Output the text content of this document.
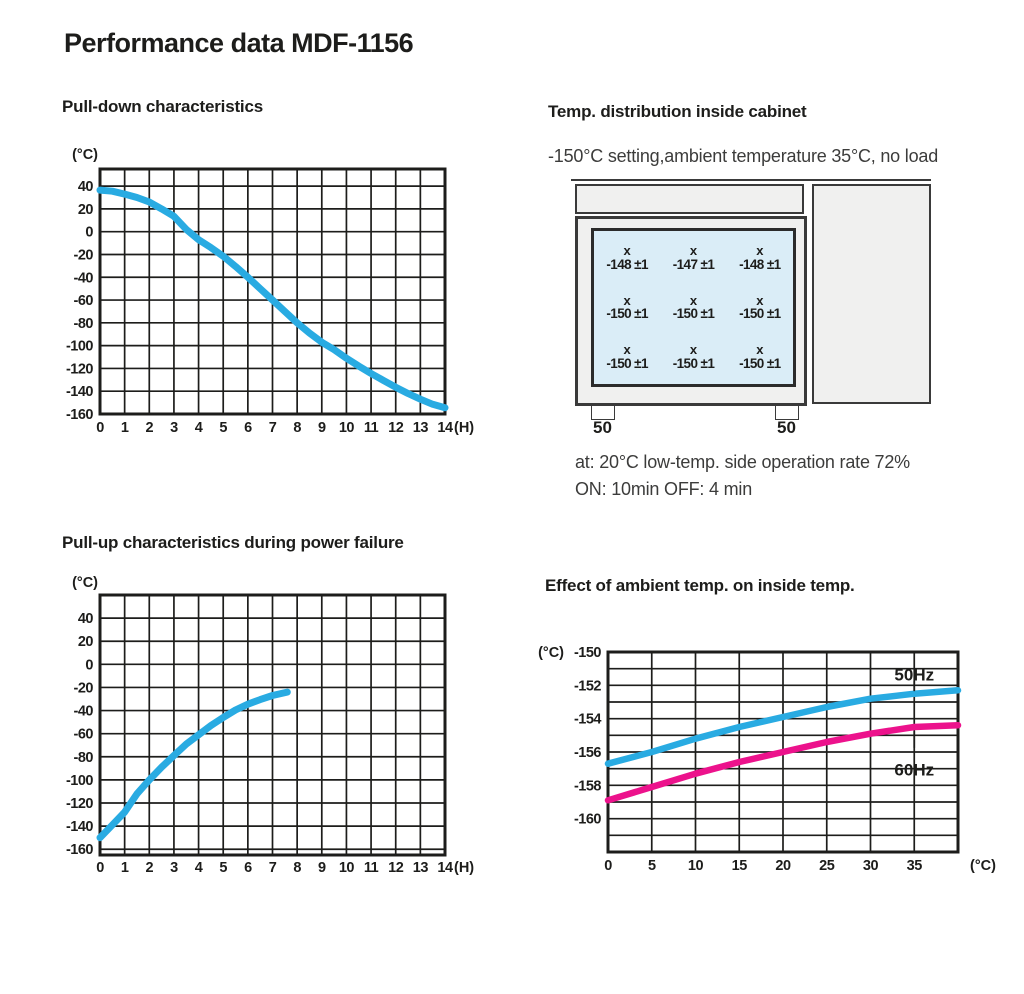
Performance data MDF-1156
Pull-down characteristics	Temp. distribution inside cabinet
Pull-up characteristics during power failure
Effect of ambient temp. on inside temp.
-150°C setting,ambient temperature 35°C, no load
at: 20°C low-temp. side operation rate 72%
ON: 10min OFF: 4 min
40
20
0
-20
-40
-60
-80
-100
-120
-140
-160
0 1 2 3 4 5 6 7 8 9 10 11 12 13 14
(°C)
(H)
40
20
0
-20
-40
-60
-80
-100
-120
-140
-160
0 1 2 3 4 5 6 7 8 9 10 11 12 13 14
(°C)
(H)
-150
-152
-154
-156
-158
-160
0 5 10 15 20 25 30 35
(°C)
(°C)
50Hz
60Hz
x
-148 ±1
x
-147 ±1
x
-148 ±1
x
-150 ±1
x
-150 ±1
x
-150 ±1
x
-150 ±1
x
-150 ±1
x
-150 ±1
50	50
